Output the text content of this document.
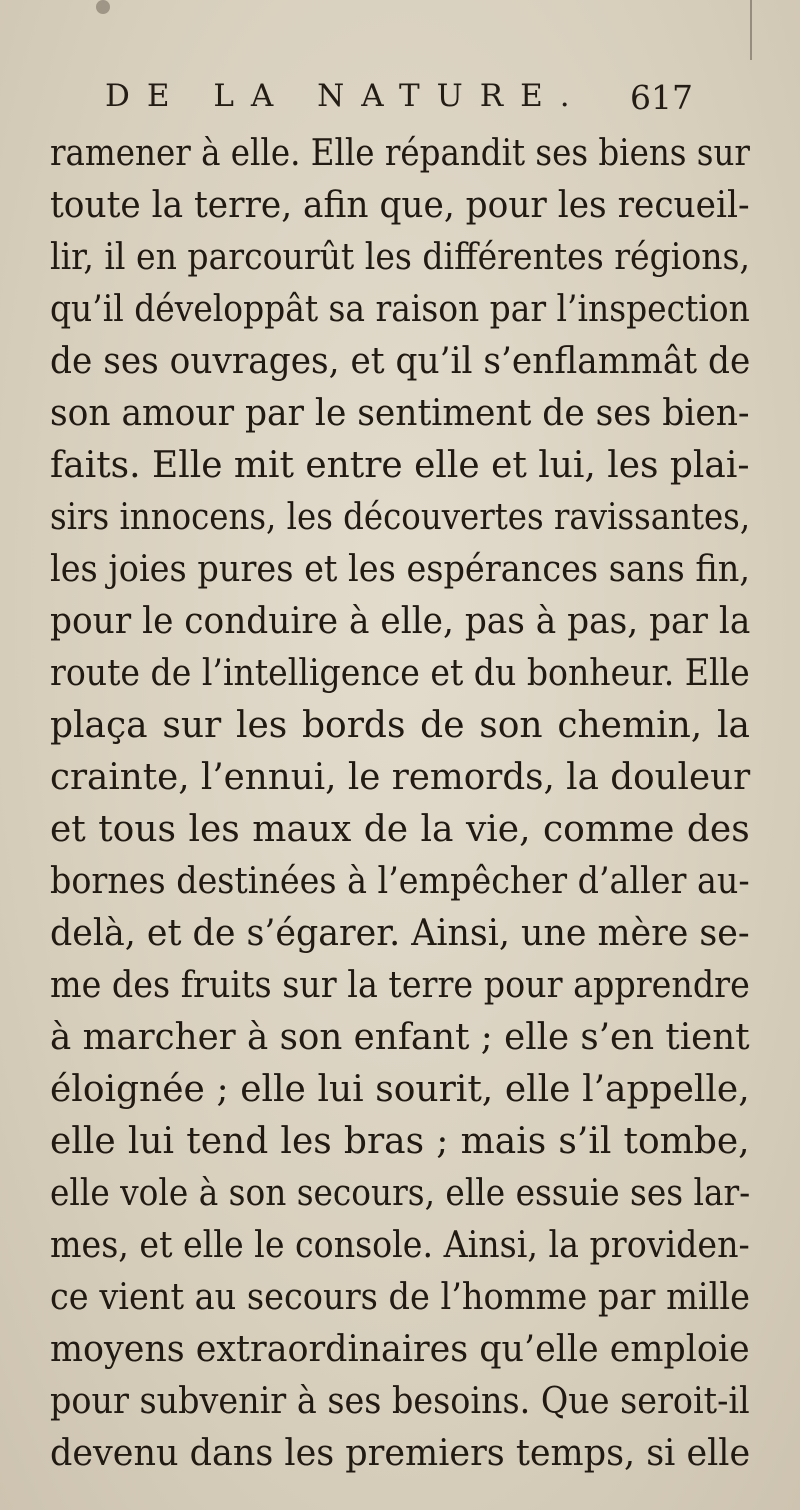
DE LA NATURE. 617
ramener à elle. Elle répandit ses biens sur
toute la terre, afin que, pour les recueil-
lir, il en parcourût les différentes régions,
qu’il développât sa raison par l’inspection
de ses ouvrages, et qu’il s’enflammât de
son amour par le sentiment de ses bien-
faits. Elle mit entre elle et lui, les plai-
sirs innocens, les découvertes ravissantes,
les joies pures et les espérances sans fin,
pour le conduire à elle, pas à pas, par la
route de l’intelligence et du bonheur. Elle
plaça sur les bords de son chemin, la
crainte, l’ennui, le remords, la douleur
et tous les maux de la vie, comme des
bornes destinées à l’empêcher d’aller au-
delà, et de s’égarer. Ainsi, une mère se-
me des fruits sur la terre pour apprendre
à marcher à son enfant ; elle s’en tient
éloignée ; elle lui sourit, elle l’appelle,
elle lui tend les bras ; mais s’il tombe,
elle vole à son secours, elle essuie ses lar-
mes, et elle le console. Ainsi, la providen-
ce vient au secours de l’homme par mille
moyens extraordinaires qu’elle emploie
pour subvenir à ses besoins. Que seroit-il
devenu dans les premiers temps, si elle
